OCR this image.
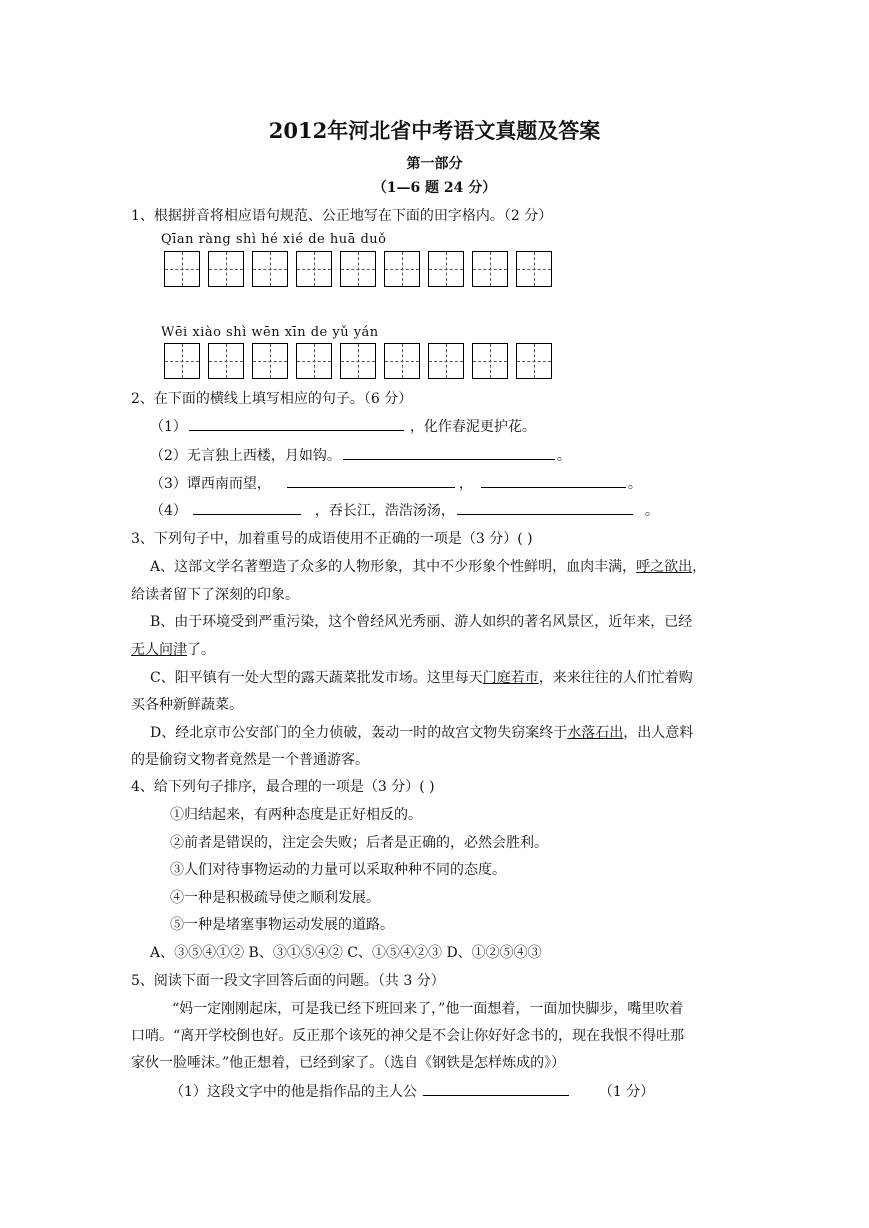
2012年河北省中考语文真题及答案
第一部分
（1—6 题 24 分）
1、根据拼音将相应语句规范、公正地写在下面的田字格内。（2 分）
Qīan ràng shì hé xié de huā duǒ
Wēi xiào shì wēn xīn de yǔ yán
2、在下面的横线上填写相应的句子。（6 分）
（1）	，化作春泥更护花。
（2）无言独上西楼，月如钩。	。
（3）谭西南而望，	，	。
（4）	，吞长江，浩浩汤汤，	。
3、下列句子中，加着重号的成语使用不正确的一项是（3 分）( )
A、这部文学名著塑造了众多的人物形象，其中不少形象个性鲜明，血肉丰满，呼之欲出，
给读者留下了深刻的印象。
B、由于环境受到严重污染，这个曾经风光秀丽、游人如织的著名风景区，近年来，已经
无人问津了。
C、阳平镇有一处大型的露天蔬菜批发市场。这里每天门庭若市，来来往往的人们忙着购
买各种新鲜蔬菜。
D、经北京市公安部门的全力侦破，轰动一时的故宫文物失窃案终于水落石出，出人意料
的是偷窃文物者竟然是一个普通游客。
4、给下列句子排序，最合理的一项是（3 分）( )
①归结起来，有两种态度是正好相反的。
②前者是错误的，注定会失败；后者是正确的，必然会胜利。
③人们对待事物运动的力量可以采取种种不同的态度。
④一种是积极疏导使之顺利发展。
⑤一种是堵塞事物运动发展的道路。
A、③⑤④①② B、③①⑤④② C、①⑤④②③ D、①②⑤④③
5、阅读下面一段文字回答后面的问题。（共 3 分）
“妈一定刚刚起床，可是我已经下班回来了，”他一面想着，一面加快脚步，嘴里吹着
口哨。“离开学校倒也好。反正那个该死的神父是不会让你好好念书的，现在我恨不得吐那
家伙一脸唾沫。”他正想着，已经到家了。（选自《钢铁是怎样炼成的》）
（1）这段文字中的他是指作品的主人公	（1 分）
